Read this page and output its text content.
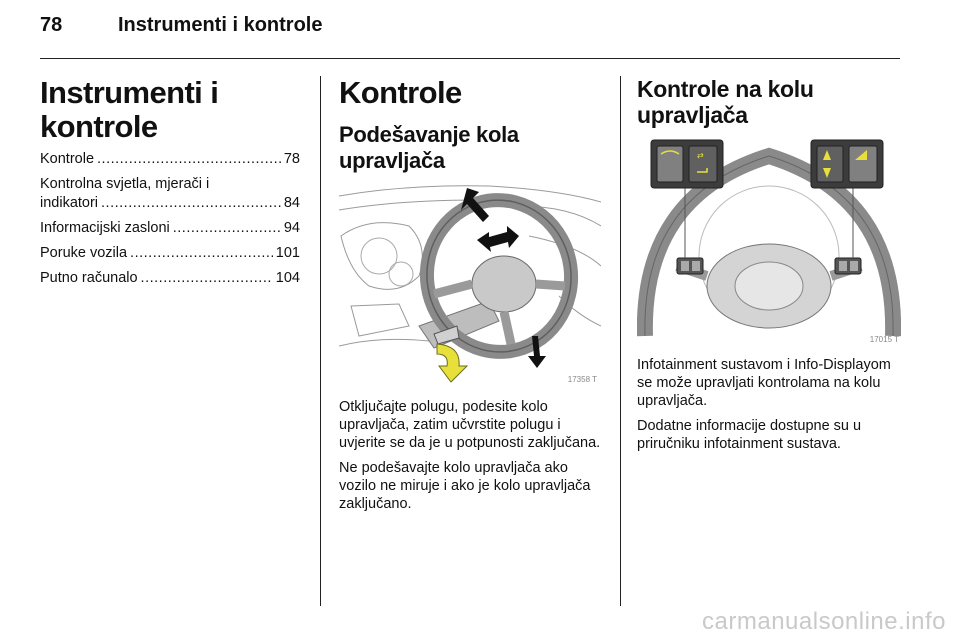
78	Instrumenti i kontrole
Instrumenti i kontrole
Kontrole .....	78
Kontrolna svjetla, mjerači i
indikatori .....	84
Informacijski zasloni .....	94
Poruke vozila .....	101
Putno računalo .....	104
Kontrole
Podešavanje kola upravljača
17358 T

Otključajte polugu, podesite kolo upravljača, zatim učvrstite polugu i uvjerite se da je u potpunosti zaključana.

Ne podešavajte kolo upravljača ako vozilo ne miruje i ako je kolo upravljača zaključano.

Kontrole na kolu upravljača
⇄
17015 T

Infotainment sustavom i Info-Displayom se može upravljati kontrolama na kolu upravljača.

Dodatne informacije dostupne su u priručniku infotainment sustava.

carmanualsonline.info
